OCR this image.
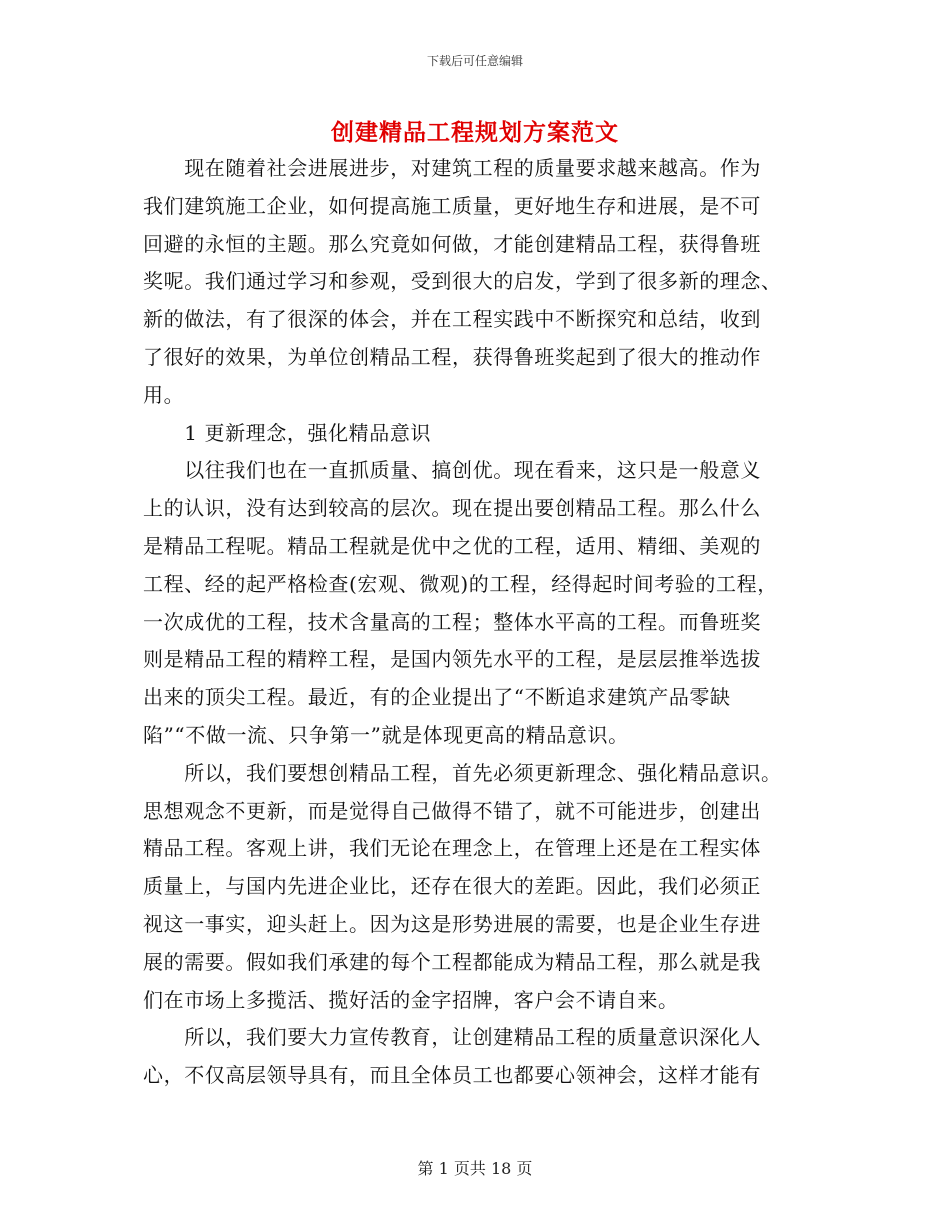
下载后可任意编辑
创建精品工程规划方案范文
　　现在随着社会进展进步，对建筑工程的质量要求越来越高。作为
我们建筑施工企业，如何提高施工质量，更好地生存和进展，是不可
回避的永恒的主题。那么究竟如何做，才能创建精品工程，获得鲁班
奖呢。我们通过学习和参观，受到很大的启发，学到了很多新的理念、
新的做法，有了很深的体会，并在工程实践中不断探究和总结，收到
了很好的效果，为单位创精品工程，获得鲁班奖起到了很大的推动作
用。
　　1 更新理念，强化精品意识
　　以往我们也在一直抓质量、搞创优。现在看来，这只是一般意义
上的认识，没有达到较高的层次。现在提出要创精品工程。那么什么
是精品工程呢。精品工程就是优中之优的工程，适用、精细、美观的
工程、经的起严格检查(宏观、微观)的工程，经得起时间考验的工程，
一次成优的工程，技术含量高的工程；整体水平高的工程。而鲁班奖
则是精品工程的精粹工程，是国内领先水平的工程，是层层推举选拔
出来的顶尖工程。最近，有的企业提出了“不断追求建筑产品零缺
陷”“不做一流、只争第一”就是体现更高的精品意识。
　　所以，我们要想创精品工程，首先必须更新理念、强化精品意识。
思想观念不更新，而是觉得自己做得不错了，就不可能进步，创建出
精品工程。客观上讲，我们无论在理念上，在管理上还是在工程实体
质量上，与国内先进企业比，还存在很大的差距。因此，我们必须正
视这一事实，迎头赶上。因为这是形势进展的需要，也是企业生存进
展的需要。假如我们承建的每个工程都能成为精品工程，那么就是我
们在市场上多揽活、揽好活的金字招牌，客户会不请自来。
　　所以，我们要大力宣传教育，让创建精品工程的质量意识深化人
心，不仅高层领导具有，而且全体员工也都要心领神会，这样才能有
第 1 页共 18 页
